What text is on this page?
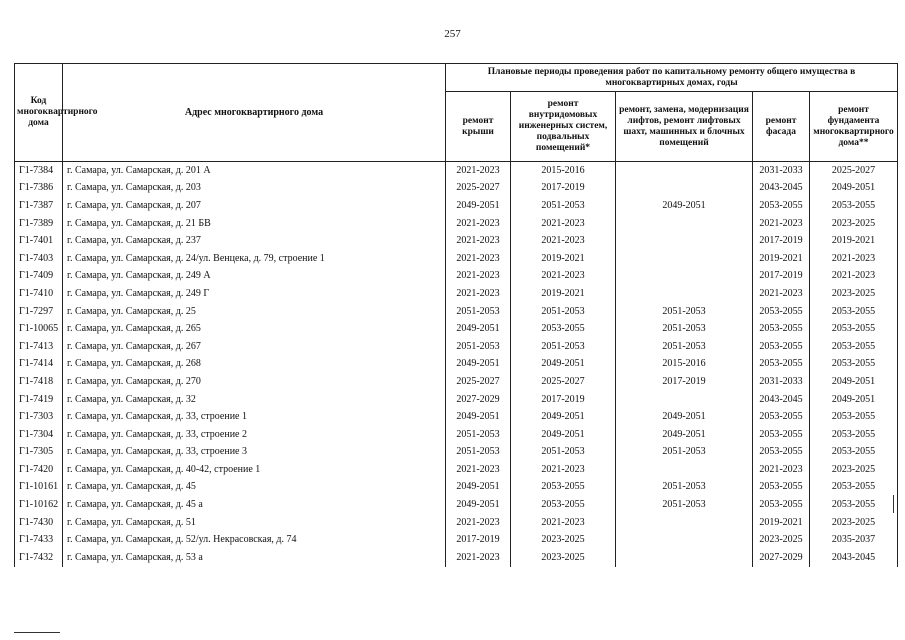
257
Код многоквартирного дома	Адрес многоквартирного дома	Плановые периоды проведения работ по капитальному ремонту общего имущества в многоквартирных домах, годы				
		ремонт крыши	ремонт внутридомовых инженерных систем, подвальных помещений*	ремонт, замена, модернизация лифтов, ремонт лифтовых шахт, машинных и блочных помещений	ремонт фасада	ремонт фундамента многоквартирного дома**
Г1-7384	г. Самара, ул. Самарская, д. 201 А	2021-2023	2015-2016		2031-2033	2025-2027
Г1-7386	г. Самара, ул. Самарская, д. 203	2025-2027	2017-2019		2043-2045	2049-2051
Г1-7387	г. Самара, ул. Самарская, д. 207	2049-2051	2051-2053	2049-2051	2053-2055	2053-2055
Г1-7389	г. Самара, ул. Самарская, д. 21 БВ	2021-2023	2021-2023		2021-2023	2023-2025
Г1-7401	г. Самара, ул. Самарская, д. 237	2021-2023	2021-2023		2017-2019	2019-2021
Г1-7403	г. Самара, ул. Самарская, д. 24/ул. Венцека, д. 79, строение 1	2021-2023	2019-2021		2019-2021	2021-2023
Г1-7409	г. Самара, ул. Самарская, д. 249 А	2021-2023	2021-2023		2017-2019	2021-2023
Г1-7410	г. Самара, ул. Самарская, д. 249 Г	2021-2023	2019-2021		2021-2023	2023-2025
Г1-7297	г. Самара, ул. Самарская, д. 25	2051-2053	2051-2053	2051-2053	2053-2055	2053-2055
Г1-10065	г. Самара, ул. Самарская, д. 265	2049-2051	2053-2055	2051-2053	2053-2055	2053-2055
Г1-7413	г. Самара, ул. Самарская, д. 267	2051-2053	2051-2053	2051-2053	2053-2055	2053-2055
Г1-7414	г. Самара, ул. Самарская, д. 268	2049-2051	2049-2051	2015-2016	2053-2055	2053-2055
Г1-7418	г. Самара, ул. Самарская, д. 270	2025-2027	2025-2027	2017-2019	2031-2033	2049-2051
Г1-7419	г. Самара, ул. Самарская, д. 32	2027-2029	2017-2019		2043-2045	2049-2051
Г1-7303	г. Самара, ул. Самарская, д. 33, строение 1	2049-2051	2049-2051	2049-2051	2053-2055	2053-2055
Г1-7304	г. Самара, ул. Самарская, д. 33, строение 2	2051-2053	2049-2051	2049-2051	2053-2055	2053-2055
Г1-7305	г. Самара, ул. Самарская, д. 33, строение 3	2051-2053	2051-2053	2051-2053	2053-2055	2053-2055
Г1-7420	г. Самара, ул. Самарская, д. 40-42, строение 1	2021-2023	2021-2023		2021-2023	2023-2025
Г1-10161	г. Самара, ул. Самарская, д. 45	2049-2051	2053-2055	2051-2053	2053-2055	2053-2055
Г1-10162	г. Самара, ул. Самарская, д. 45 а	2049-2051	2053-2055	2051-2053	2053-2055	2053-2055
Г1-7430	г. Самара, ул. Самарская, д. 51	2021-2023	2021-2023		2019-2021	2023-2025
Г1-7433	г. Самара, ул. Самарская, д. 52/ул. Некрасовская, д. 74	2017-2019	2023-2025		2023-2025	2035-2037
Г1-7432	г. Самара, ул. Самарская, д. 53 а	2021-2023	2023-2025		2027-2029	2043-2045
